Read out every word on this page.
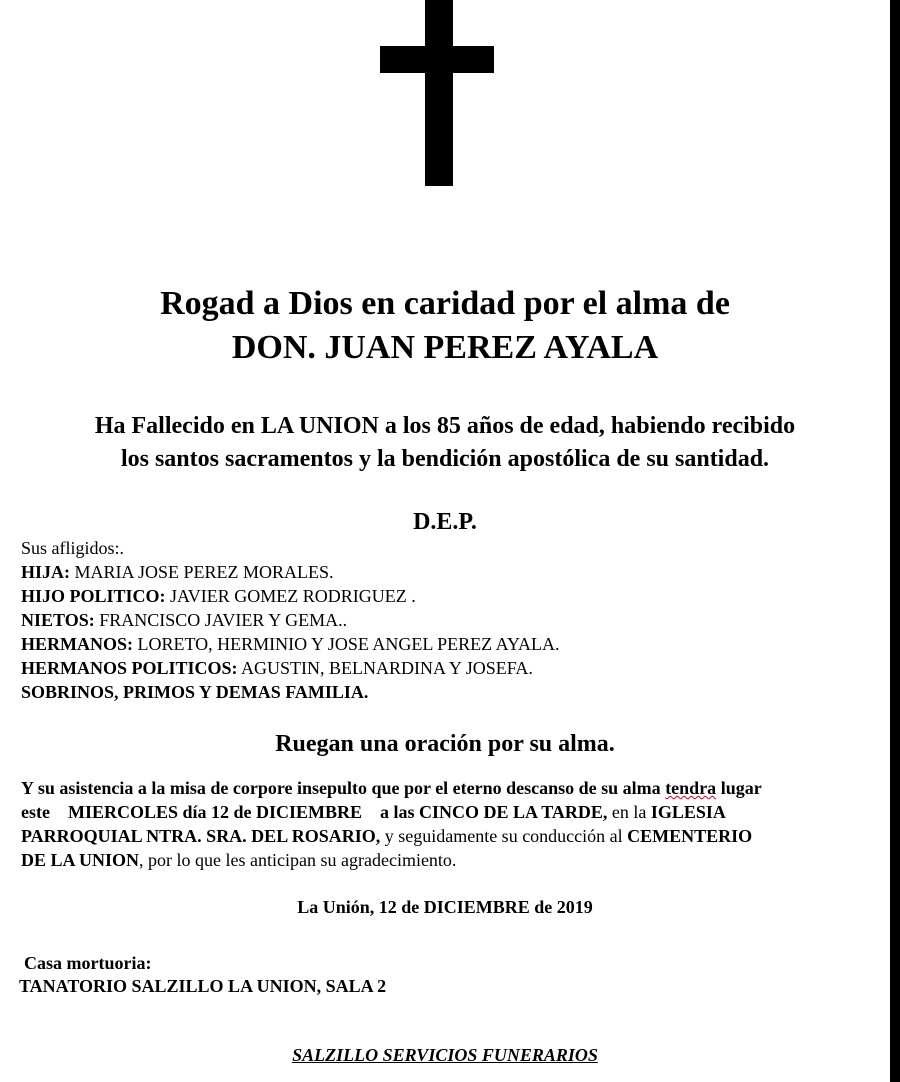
Rogad a Dios en caridad por el alma de
DON. JUAN PEREZ AYALA
Ha Fallecido en LA UNION a los 85 años de edad, habiendo recibido
los santos sacramentos y la bendición apostólica de su santidad.
D.E.P.
Sus afligidos:.
HIJA: MARIA JOSE PEREZ MORALES.
HIJO POLITICO: JAVIER GOMEZ RODRIGUEZ .
NIETOS: FRANCISCO JAVIER Y GEMA..
HERMANOS: LORETO, HERMINIO Y JOSE ANGEL PEREZ AYALA.
HERMANOS POLITICOS: AGUSTIN, BELNARDINA Y JOSEFA.
SOBRINOS, PRIMOS Y DEMAS FAMILIA.
Ruegan una oración por su alma.
Y su asistencia a la misa de corpore insepulto que por el eterno descanso de su alma tendra lugar
este MIERCOLES día 12 de DICIEMBRE a las CINCO DE LA TARDE, en la IGLESIA
PARROQUIAL NTRA. SRA. DEL ROSARIO, y seguidamente su conducción al CEMENTERIO
DE LA UNION, por lo que les anticipan su agradecimiento.
La Unión, 12 de DICIEMBRE de 2019
Casa mortuoria:
TANATORIO SALZILLO LA UNION, SALA 2
SALZILLO SERVICIOS FUNERARIOS
